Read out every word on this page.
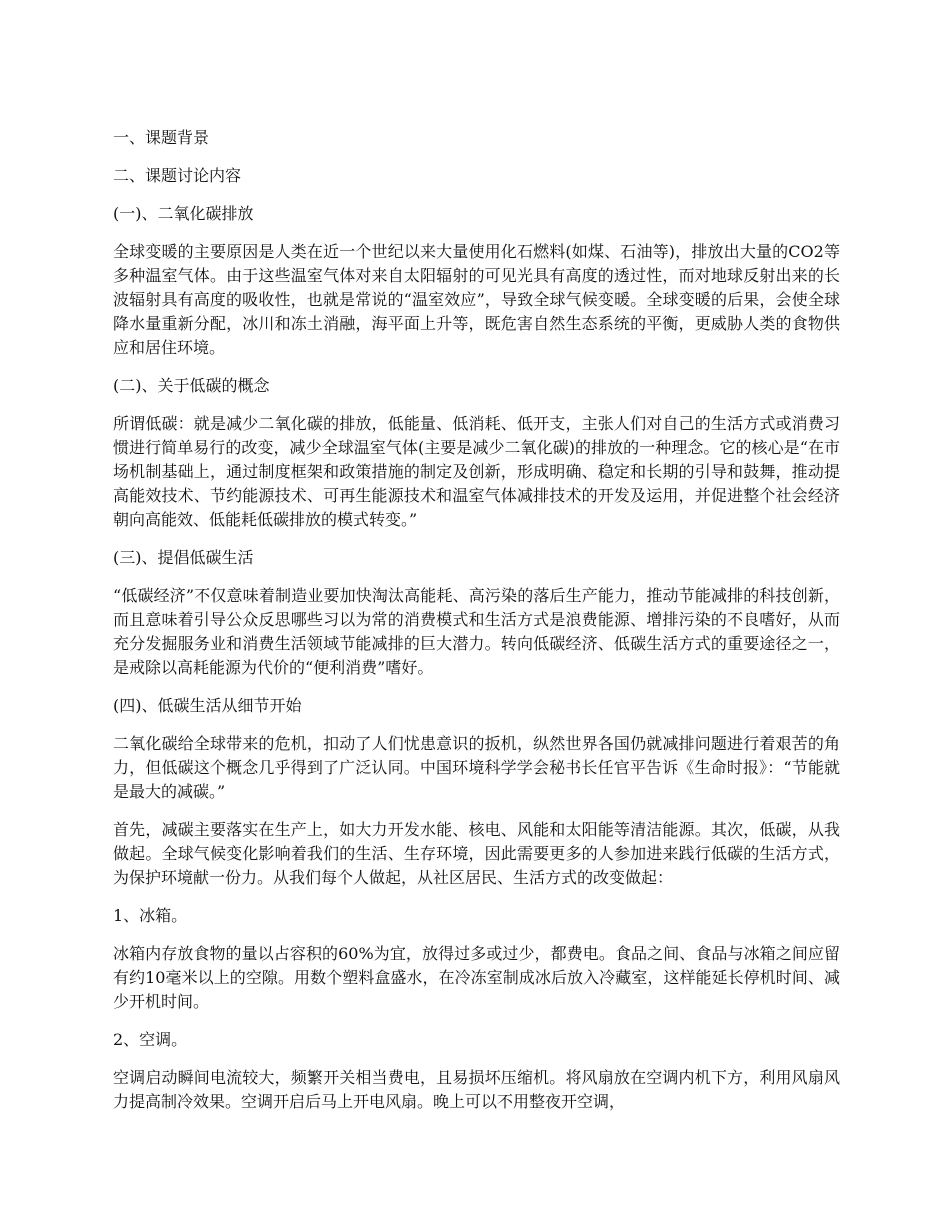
一、课题背景
二、课题讨论内容
(一)、二氧化碳排放

全球变暖的主要原因是人类在近一个世纪以来大量使用化石燃料(如煤、石油等)，排放出大量的CO2等多种温室气体。由于这些温室气体对来自太阳辐射的可见光具有高度的透过性，而对地球反射出来的长波辐射具有高度的吸收性，也就是常说的“温室效应”，导致全球气候变暖。全球变暖的后果，会使全球降水量重新分配，冰川和冻土消融，海平面上升等，既危害自然生态系统的平衡，更威胁人类的食物供应和居住环境。

(二)、关于低碳的概念

所谓低碳：就是减少二氧化碳的排放，低能量、低消耗、低开支，主张人们对自己的生活方式或消费习惯进行简单易行的改变，减少全球温室气体(主要是减少二氧化碳)的排放的一种理念。它的核心是“在市场机制基础上，通过制度框架和政策措施的制定及创新，形成明确、稳定和长期的引导和鼓舞，推动提高能效技术、节约能源技术、可再生能源技术和温室气体减排技术的开发及运用，并促进整个社会经济朝向高能效、低能耗低碳排放的模式转变。”

(三)、提倡低碳生活

“低碳经济”不仅意味着制造业要加快淘汰高能耗、高污染的落后生产能力，推动节能减排的科技创新，而且意味着引导公众反思哪些习以为常的消费模式和生活方式是浪费能源、增排污染的不良嗜好，从而充分发掘服务业和消费生活领域节能减排的巨大潜力。转向低碳经济、低碳生活方式的重要途径之一，是戒除以高耗能源为代价的“便利消费”嗜好。

(四)、低碳生活从细节开始

二氧化碳给全球带来的危机，扣动了人们忧患意识的扳机，纵然世界各国仍就减排问题进行着艰苦的角力，但低碳这个概念几乎得到了广泛认同。中国环境科学学会秘书长任官平告诉《生命时报》：“节能就是最大的减碳。”

首先，减碳主要落实在生产上，如大力开发水能、核电、风能和太阳能等清洁能源。其次，低碳，从我做起。全球气候变化影响着我们的生活、生存环境，因此需要更多的人参加进来践行低碳的生活方式，为保护环境献一份力。从我们每个人做起，从社区居民、生活方式的改变做起：

1、冰箱。

冰箱内存放食物的量以占容积的60%为宜，放得过多或过少，都费电。食品之间、食品与冰箱之间应留有约10毫米以上的空隙。用数个塑料盒盛水，在冷冻室制成冰后放入冷藏室，这样能延长停机时间、减少开机时间。

2、空调。

空调启动瞬间电流较大，频繁开关相当费电，且易损坏压缩机。将风扇放在空调内机下方，利用风扇风力提高制冷效果。空调开启后马上开电风扇。晚上可以不用整夜开空调，
